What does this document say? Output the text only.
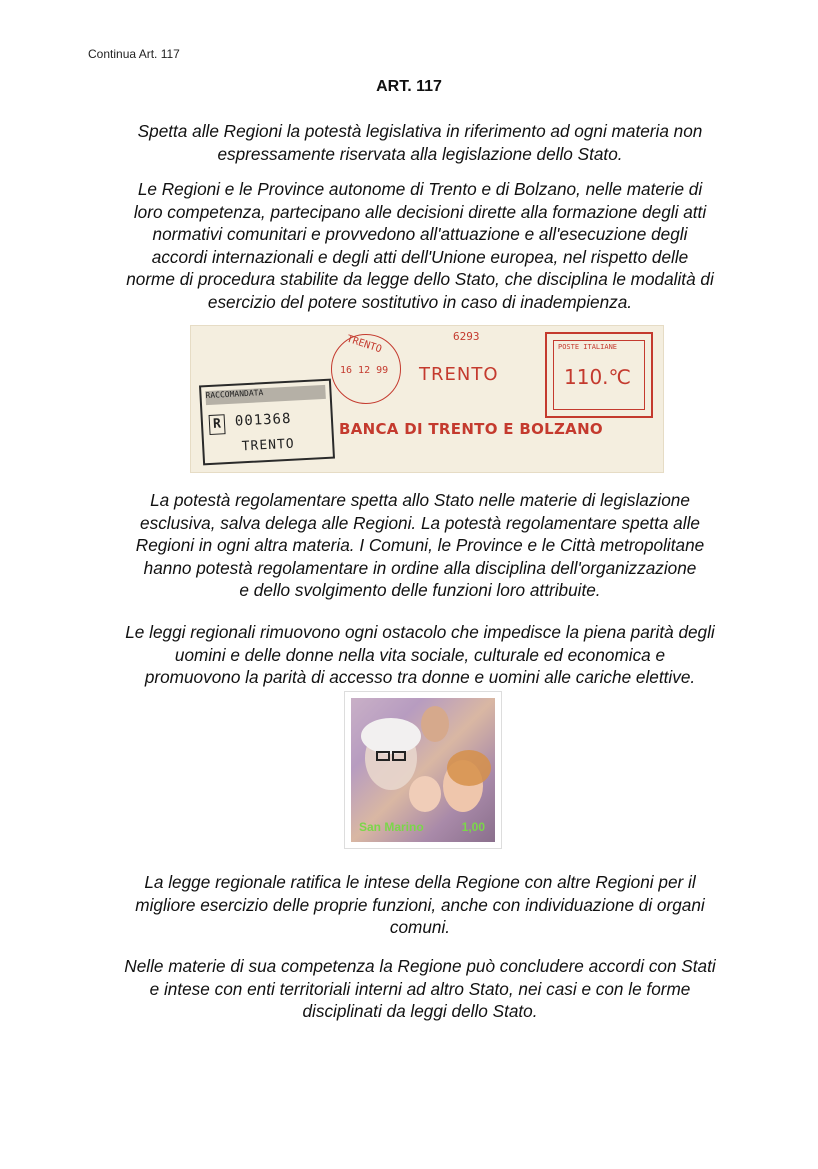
Continua Art. 117
ART. 117
Spetta alle Regioni la potestà legislativa in riferimento ad ogni materia non
espressamente riservata alla legislazione dello Stato.
Le Regioni e le Province autonome di Trento e di Bolzano, nelle materie di
loro competenza, partecipano alle decisioni dirette alla formazione degli atti
normativi comunitari e provvedono all'attuazione e all'esecuzione degli
accordi internazionali e degli atti dell'Unione europea, nel rispetto delle
norme di procedura stabilite da legge dello Stato, che disciplina le modalità di
esercizio del potere sostitutivo in caso di inadempienza.
TRENTO
16 12 99
6293
TRENTO
POSTE ITALIANE
110.℃
BANCA DI TRENTO E BOLZANO
RACCOMANDATA
R 001368
TRENTO
La potestà regolamentare spetta allo Stato nelle materie di legislazione
esclusiva, salva delega alle Regioni. La potestà regolamentare spetta alle
Regioni in ogni altra materia. I Comuni, le Province e le Città metropolitane
hanno potestà regolamentare in ordine alla disciplina dell'organizzazione
e dello svolgimento delle funzioni loro attribuite.
Le leggi regionali rimuovono ogni ostacolo che impedisce la piena parità degli
uomini e delle donne nella vita sociale, culturale ed economica e
promuovono la parità di accesso tra donne e uomini alle cariche elettive.
San Marino	1,00
La legge regionale ratifica le intese della Regione con altre Regioni per il
migliore esercizio delle proprie funzioni, anche con individuazione di organi
comuni.
Nelle materie di sua competenza la Regione può concludere accordi con Stati
e intese con enti territoriali interni ad altro Stato, nei casi e con le forme
disciplinati da leggi dello Stato.
